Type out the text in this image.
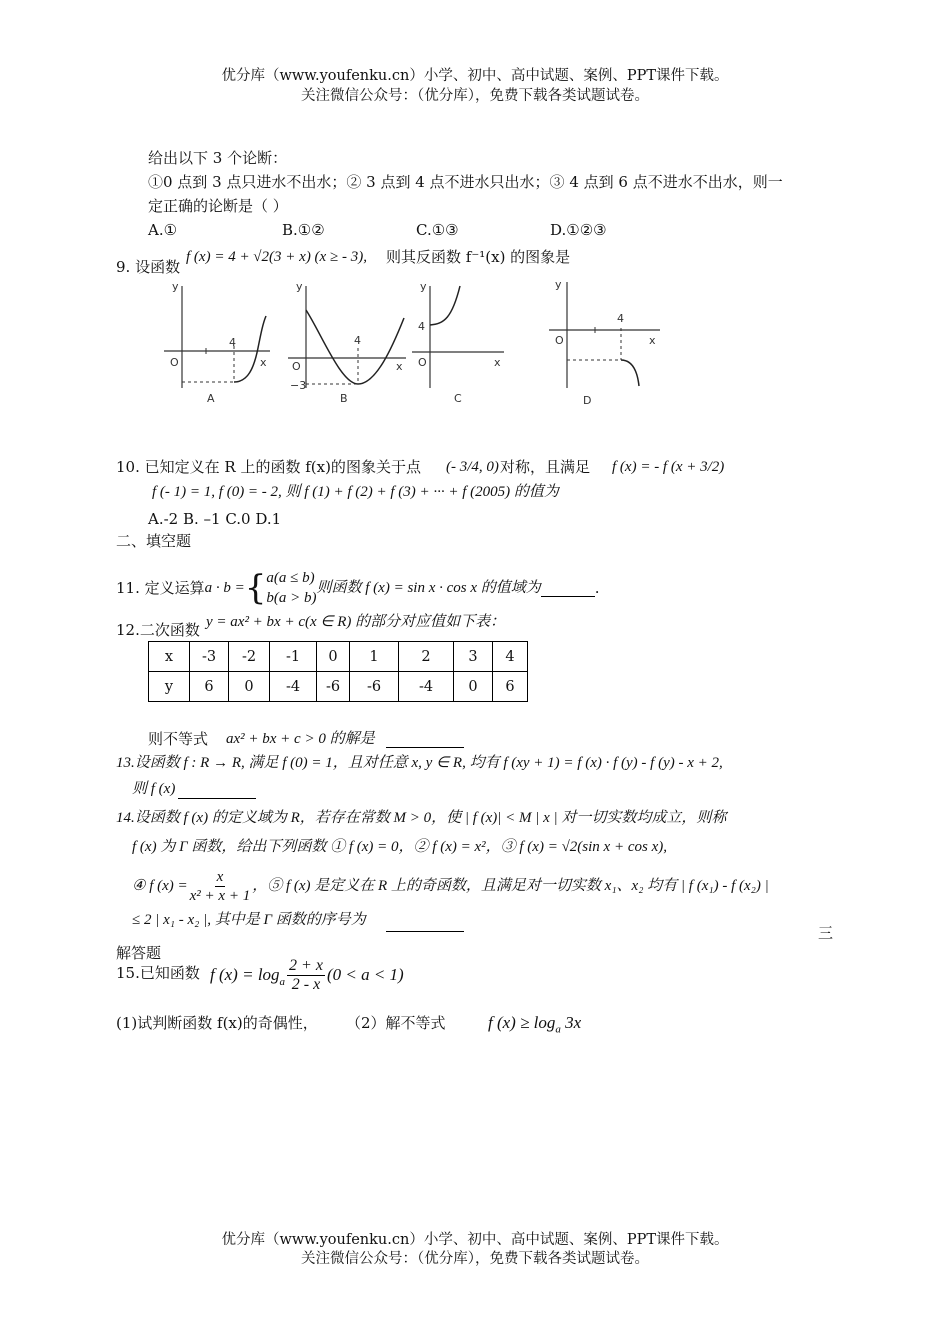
优分库（www.youfenku.cn）小学、初中、高中试题、案例、PPT课件下载。
关注微信公众号：（优分库），免费下载各类试题试卷。
给出以下 3 个论断：
①0 点到 3 点只进水不出水；② 3 点到 4 点不进水只出水；③ 4 点到 6 点不进水不出水，则一
定正确的论断是（ ）
A.①	B.①②	C.①③	D.①②③
9. 设函数
f (x) = 4 + √2(3 + x) (x ≥ - 3), 则其反函数 f⁻¹(x) 的图象是
y
x
O
4
A
y
x
O
4
−3
B
y
x
O
4
C
y
x
O
4
D
10. 已知定义在 R 上的函数 f(x)的图象关于点 (- 3/4, 0) 对称，且满足 f (x) = - f (x + 3/2)
f (- 1) = 1, f (0) = - 2, 则 f (1) + f (2) + f (3) + ··· + f (2005) 的值为
A.-2 B. –1 C.0 D.1
二、填空题
11. 定义运算 a · b = { a(a ≤ b)
b(a > b)
则函数 f (x) = sin x · cos x 的值域为	.
12.二次函数 y = ax² + bx + c(x ∈ R) 的部分对应值如下表：
x	-3	-2	-1	0	1	2	3	4
y	6	0	-4	-6	-6	-4	0	6
则不等式 ax² + bx + c > 0 的解是
13.设函数 f : R → R, 满足 f (0) = 1，且对任意 x, y ∈ R, 均有 f (xy + 1) = f (x) · f (y) - f (y) - x + 2,
则 f (x)
14.设函数 f (x) 的定义域为 R，若存在常数 M > 0，使 | f (x)| < M | x | 对一切实数均成立，则称
f (x) 为 Γ 函数，给出下列函数 ① f (x) = 0，② f (x) = x²，③ f (x) = √2(sin x + cos x),
④ f $(x) = \frac{x}{\text{x² + x + 1}}$ ，⑤ f (x) 是定义在 R 上的奇函数，且满足对一切实数 x₁、x₂ 均有 | f (x₁) - f (x₂) |
≤ 2 | x₁ - x₂ |, 其中是 Γ 函数的序号为
三
解答题
15.已知函数 f $(x) = \log_a \frac{2 + x}{2 - x} (0 < a < 1)$
(1)试判断函数 f(x)的奇偶性， （2）解不等式 f $(x) \ge \log_a 3x$
优分库（www.youfenku.cn）小学、初中、高中试题、案例、PPT课件下载。
关注微信公众号：（优分库），免费下载各类试题试卷。
